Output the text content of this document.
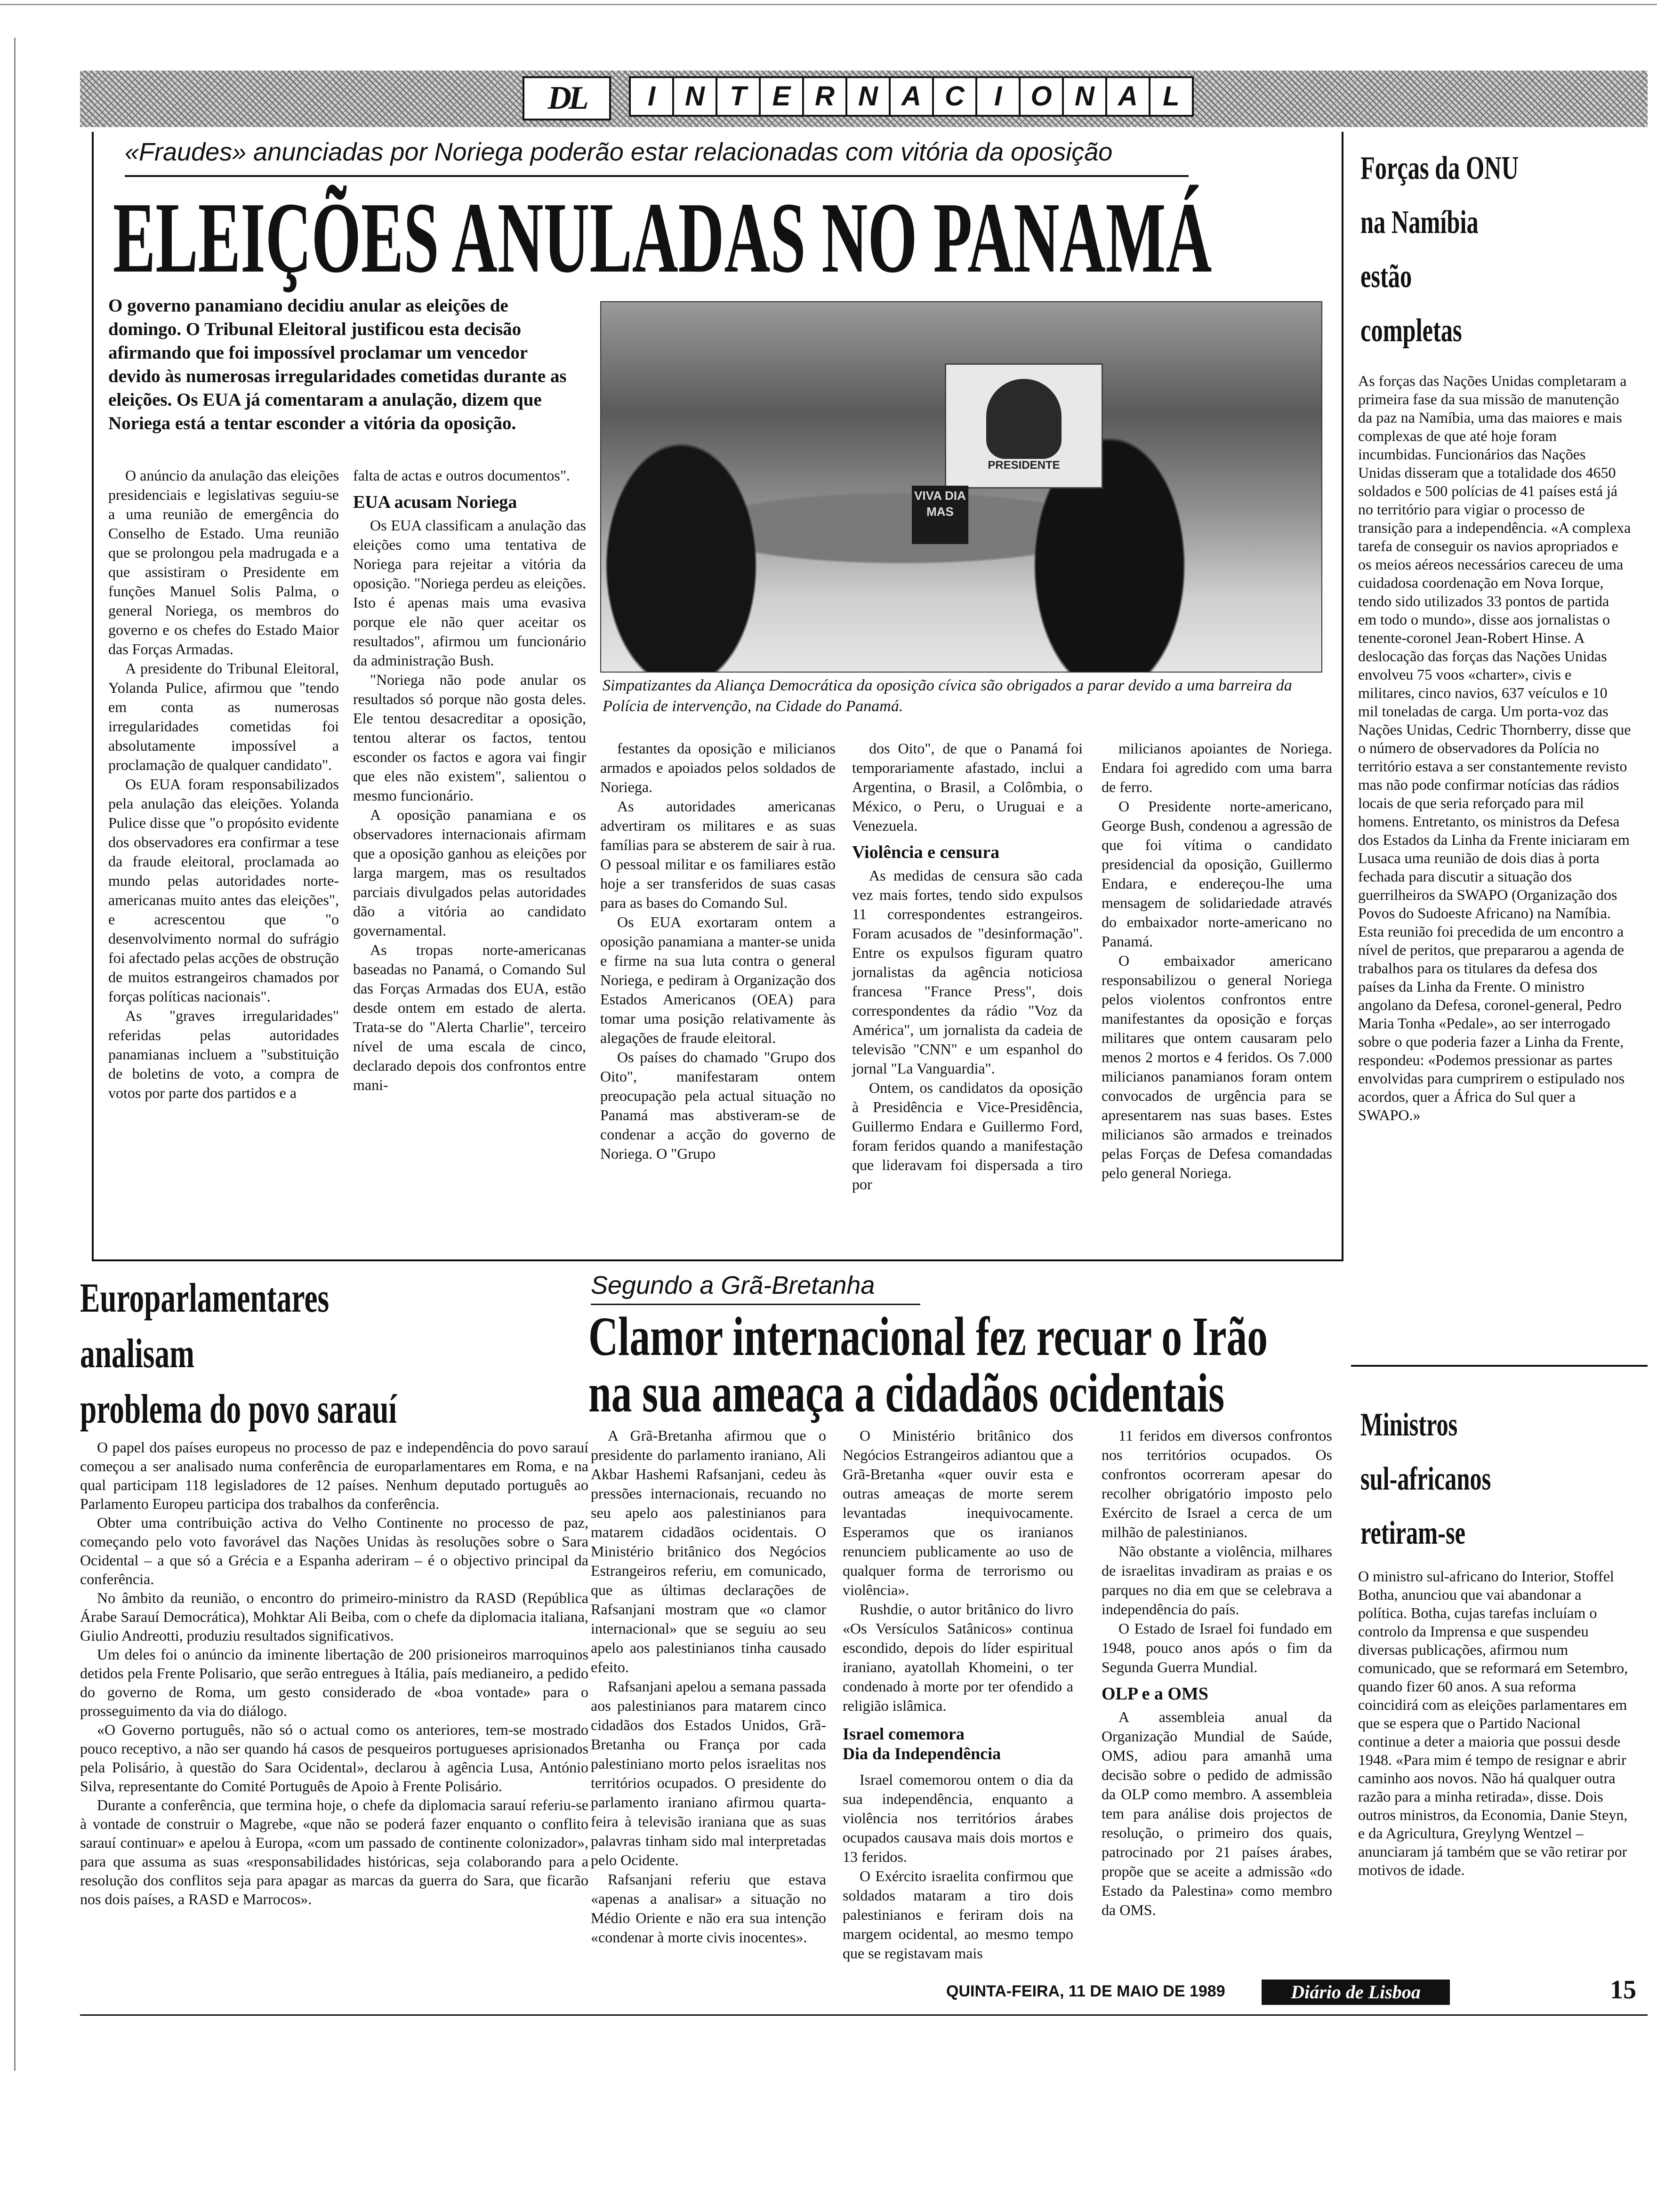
DL	I N T E R N A C I O N A L
«Fraudes» anunciadas por Noriega poderão estar relacionadas com vitória da oposição
ELEIÇÕES ANULADAS NO PANAMÁ
O governo panamiano decidiu anular as eleições de domingo. O Tribunal Eleitoral justificou esta decisão afirmando que foi impossível proclamar um vencedor devido às numerosas irregularidades cometidas durante as eleições. Os EUA já comentaram a anulação, dizem que Noriega está a tentar esconder a vitória da oposição.
PRESIDENTE
VIVA DIA MAS
Simpatizantes da Aliança Democrática da oposição cívica são obrigados a parar devido a uma barreira da Polícia de intervenção, na Cidade do Panamá.

O anúncio da anulação das eleições presidenciais e legislativas seguiu-se a uma reunião de emergência do Conselho de Estado. Uma reunião que se prolongou pela madrugada e a que assistiram o Presidente em funções Manuel Solis Palma, o general Noriega, os membros do governo e os chefes do Estado Maior das Forças Armadas.

A presidente do Tribunal Eleitoral, Yolanda Pulice, afirmou que "tendo em conta as numerosas irregularidades cometidas foi absolutamente impossível a proclamação de qualquer candidato".

Os EUA foram responsabilizados pela anulação das eleições. Yolanda Pulice disse que "o propósito evidente dos observadores era confirmar a tese da fraude eleitoral, proclamada ao mundo pelas autoridades norte-americanas muito antes das eleições", e acrescentou que "o desenvolvimento normal do sufrágio foi afectado pelas acções de obstrução de muitos estrangeiros chamados por forças políticas nacionais".

As "graves irregularidades" referidas pelas autoridades panamianas incluem a "substituição de boletins de voto, a compra de votos por parte dos partidos e a

falta de actas e outros documentos".

EUA acusam Noriega

Os EUA classificam a anulação das eleições como uma tentativa de Noriega para rejeitar a vitória da oposição. "Noriega perdeu as eleições. Isto é apenas mais uma evasiva porque ele não quer aceitar os resultados", afirmou um funcionário da administração Bush.

"Noriega não pode anular os resultados só porque não gosta deles. Ele tentou desacreditar a oposição, tentou alterar os factos, tentou esconder os factos e agora vai fingir que eles não existem", salientou o mesmo funcionário.

A oposição panamiana e os observadores internacionais afirmam que a oposição ganhou as eleições por larga margem, mas os resultados parciais divulgados pelas autoridades dão a vitória ao candidato governamental.

As tropas norte-americanas baseadas no Panamá, o Comando Sul das Forças Armadas dos EUA, estão desde ontem em estado de alerta. Trata-se do "Alerta Charlie", terceiro nível de uma escala de cinco, declarado depois dos confrontos entre mani-

festantes da oposição e milicianos armados e apoiados pelos soldados de Noriega.

As autoridades americanas advertiram os militares e as suas famílias para se absterem de sair à rua. O pessoal militar e os familiares estão hoje a ser transferidos de suas casas para as bases do Comando Sul.

Os EUA exortaram ontem a oposição panamiana a manter-se unida e firme na sua luta contra o general Noriega, e pediram à Organização dos Estados Americanos (OEA) para tomar uma posição relativamente às alegações de fraude eleitoral.

Os países do chamado "Grupo dos Oito", manifestaram ontem preocupação pela actual situação no Panamá mas abstiveram-se de condenar a acção do governo de Noriega. O "Grupo

dos Oito", de que o Panamá foi temporariamente afastado, inclui a Argentina, o Brasil, a Colômbia, o México, o Peru, o Uruguai e a Venezuela.

Violência e censura

As medidas de censura são cada vez mais fortes, tendo sido expulsos 11 correspondentes estrangeiros. Foram acusados de "desinformação". Entre os expulsos figuram quatro jornalistas da agência noticiosa francesa "France Press", dois correspondentes da rádio "Voz da América", um jornalista da cadeia de televisão "CNN" e um espanhol do jornal "La Vanguardia".

Ontem, os candidatos da oposição à Presidência e Vice-Presidência, Guillermo Endara e Guillermo Ford, foram feridos quando a manifestação que lideravam foi dispersada a tiro por

milicianos apoiantes de Noriega. Endara foi agredido com uma barra de ferro.

O Presidente norte-americano, George Bush, condenou a agressão de que foi vítima o candidato presidencial da oposição, Guillermo Endara, e endereçou-lhe uma mensagem de solidariedade através do embaixador norte-americano no Panamá.

O embaixador americano responsabilizou o general Noriega pelos violentos confrontos entre manifestantes da oposição e forças militares que ontem causaram pelo menos 2 mortos e 4 feridos. Os 7.000 milicianos panamianos foram ontem convocados de urgência para se apresentarem nas suas bases. Estes milicianos são armados e treinados pelas Forças de Defesa comandadas pelo general Noriega.

Forças da ONU
na Namíbia
estão
completas
As forças das Nações Unidas completaram a primeira fase da sua missão de manutenção da paz na Namíbia, uma das maiores e mais complexas de que até hoje foram incumbidas. Funcionários das Nações Unidas disseram que a totalidade dos 4650 soldados e 500 polícias de 41 países está já no território para vigiar o processo de transição para a independência. «A complexa tarefa de conseguir os navios apropriados e os meios aéreos necessários careceu de uma cuidadosa coordenação em Nova Iorque, tendo sido utilizados 33 pontos de partida em todo o mundo», disse aos jornalistas o tenente-coronel Jean-Robert Hinse. A deslocação das forças das Nações Unidas envolveu 75 voos «charter», civis e militares, cinco navios, 637 veículos e 10 mil toneladas de carga. Um porta-voz das Nações Unidas, Cedric Thornberry, disse que o número de observadores da Polícia no território estava a ser constantemente revisto mas não pode confirmar notícias das rádios locais de que seria reforçado para mil homens. Entretanto, os ministros da Defesa dos Estados da Linha da Frente iniciaram em Lusaca uma reunião de dois dias à porta fechada para discutir a situação dos guerrilheiros da SWAPO (Organização dos Povos do Sudoeste Africano) na Namíbia. Esta reunião foi precedida de um encontro a nível de peritos, que prepararou a agenda de trabalhos para os titulares da defesa dos países da Linha da Frente. O ministro angolano da Defesa, coronel-general, Pedro Maria Tonha «Pedale», ao ser interrogado sobre o que poderia fazer a Linha da Frente, respondeu: «Podemos pressionar as partes envolvidas para cumprirem o estipulado nos acordos, quer a África do Sul quer a SWAPO.»
Ministros
sul-africanos
retiram-se
O ministro sul-africano do Interior, Stoffel Botha, anunciou que vai abandonar a política. Botha, cujas tarefas incluíam o controlo da Imprensa e que suspendeu diversas publicações, afirmou num comunicado, que se reformará em Setembro, quando fizer 60 anos. A sua reforma coincidirá com as eleições parlamentares em que se espera que o Partido Nacional continue a deter a maioria que possui desde 1948. «Para mim é tempo de resignar e abrir caminho aos novos. Não há qualquer outra razão para a minha retirada», disse. Dois outros ministros, da Economia, Danie Steyn, e da Agricultura, Greylyng Wentzel – anunciaram já também que se vão retirar por motivos de idade.
Europarlamentares
analisam
problema do povo sarauí

O papel dos países europeus no processo de paz e independência do povo sarauí começou a ser analisado numa conferência de europarlamentares em Roma, e na qual participam 118 legisladores de 12 países. Nenhum deputado português ao Parlamento Europeu participa dos trabalhos da conferência.

Obter uma contribuição activa do Velho Continente no processo de paz, começando pelo voto favorável das Nações Unidas às resoluções sobre o Sara Ocidental – a que só a Grécia e a Espanha aderiram – é o objectivo principal da conferência.

No âmbito da reunião, o encontro do primeiro-ministro da RASD (República Árabe Sarauí Democrática), Mohktar Ali Beiba, com o chefe da diplomacia italiana, Giulio Andreotti, produziu resultados significativos.

Um deles foi o anúncio da iminente libertação de 200 prisioneiros marroquinos detidos pela Frente Polisario, que serão entregues à Itália, país medianeiro, a pedido do governo de Roma, um gesto considerado de «boa vontade» para o prosseguimento da via do diálogo.

«O Governo português, não só o actual como os anteriores, tem-se mostrado pouco receptivo, a não ser quando há casos de pesqueiros portugueses aprisionados pela Polisário, à questão do Sara Ocidental», declarou à agência Lusa, António Silva, representante do Comité Português de Apoio à Frente Polisário.

Durante a conferência, que termina hoje, o chefe da diplomacia sarauí referiu-se à vontade de construir o Magrebe, «que não se poderá fazer enquanto o conflito sarauí continuar» e apelou à Europa, «com um passado de continente colonizador», para que assuma as suas «responsabilidades históricas, seja colaborando para a resolução dos conflitos seja para apagar as marcas da guerra do Sara, que ficarão nos dois países, a RASD e Marrocos».

Segundo a Grã-Bretanha
Clamor internacional fez recuar o Irão
na sua ameaça a cidadãos ocidentais

A Grã-Bretanha afirmou que o presidente do parlamento iraniano, Ali Akbar Hashemi Rafsanjani, cedeu às pressões internacionais, recuando no seu apelo aos palestinianos para matarem cidadãos ocidentais. O Ministério britânico dos Negócios Estrangeiros referiu, em comunicado, que as últimas declarações de Rafsanjani mostram que «o clamor internacional» que se seguiu ao seu apelo aos palestinianos tinha causado efeito.

Rafsanjani apelou a semana passada aos palestinianos para matarem cinco cidadãos dos Estados Unidos, Grã-Bretanha ou França por cada palestiniano morto pelos israelitas nos territórios ocupados. O presidente do parlamento iraniano afirmou quarta-feira à televisão iraniana que as suas palavras tinham sido mal interpretadas pelo Ocidente.

Rafsanjani referiu que estava «apenas a analisar» a situação no Médio Oriente e não era sua intenção «condenar à morte civis inocentes».

O Ministério britânico dos Negócios Estrangeiros adiantou que a Grã-Bretanha «quer ouvir esta e outras ameaças de morte serem levantadas inequivocamente. Esperamos que os iranianos renunciem publicamente ao uso de qualquer forma de terrorismo ou violência».

Rushdie, o autor britânico do livro «Os Versículos Satânicos» continua escondido, depois do líder espiritual iraniano, ayatollah Khomeini, o ter condenado à morte por ter ofendido a religião islâmica.

Israel comemora
Dia da Independência

Israel comemorou ontem o dia da sua independência, enquanto a violência nos territórios árabes ocupados causava mais dois mortos e 13 feridos.

O Exército israelita confirmou que soldados mataram a tiro dois palestinianos e feriram dois na margem ocidental, ao mesmo tempo que se registavam mais

11 feridos em diversos confrontos nos territórios ocupados. Os confrontos ocorreram apesar do recolher obrigatório imposto pelo Exército de Israel a cerca de um milhão de palestinianos.

Não obstante a violência, milhares de israelitas invadiram as praias e os parques no dia em que se celebrava a independência do país.

O Estado de Israel foi fundado em 1948, pouco anos após o fim da Segunda Guerra Mundial.

OLP e a OMS

A assembleia anual da Organização Mundial de Saúde, OMS, adiou para amanhã uma decisão sobre o pedido de admissão da OLP como membro. A assembleia tem para análise dois projectos de resolução, o primeiro dos quais, patrocinado por 21 países árabes, propõe que se aceite a admissão «do Estado da Palestina» como membro da OMS.

QUINTA-FEIRA, 11 DE MAIO DE 1989	Diário de Lisboa	15
